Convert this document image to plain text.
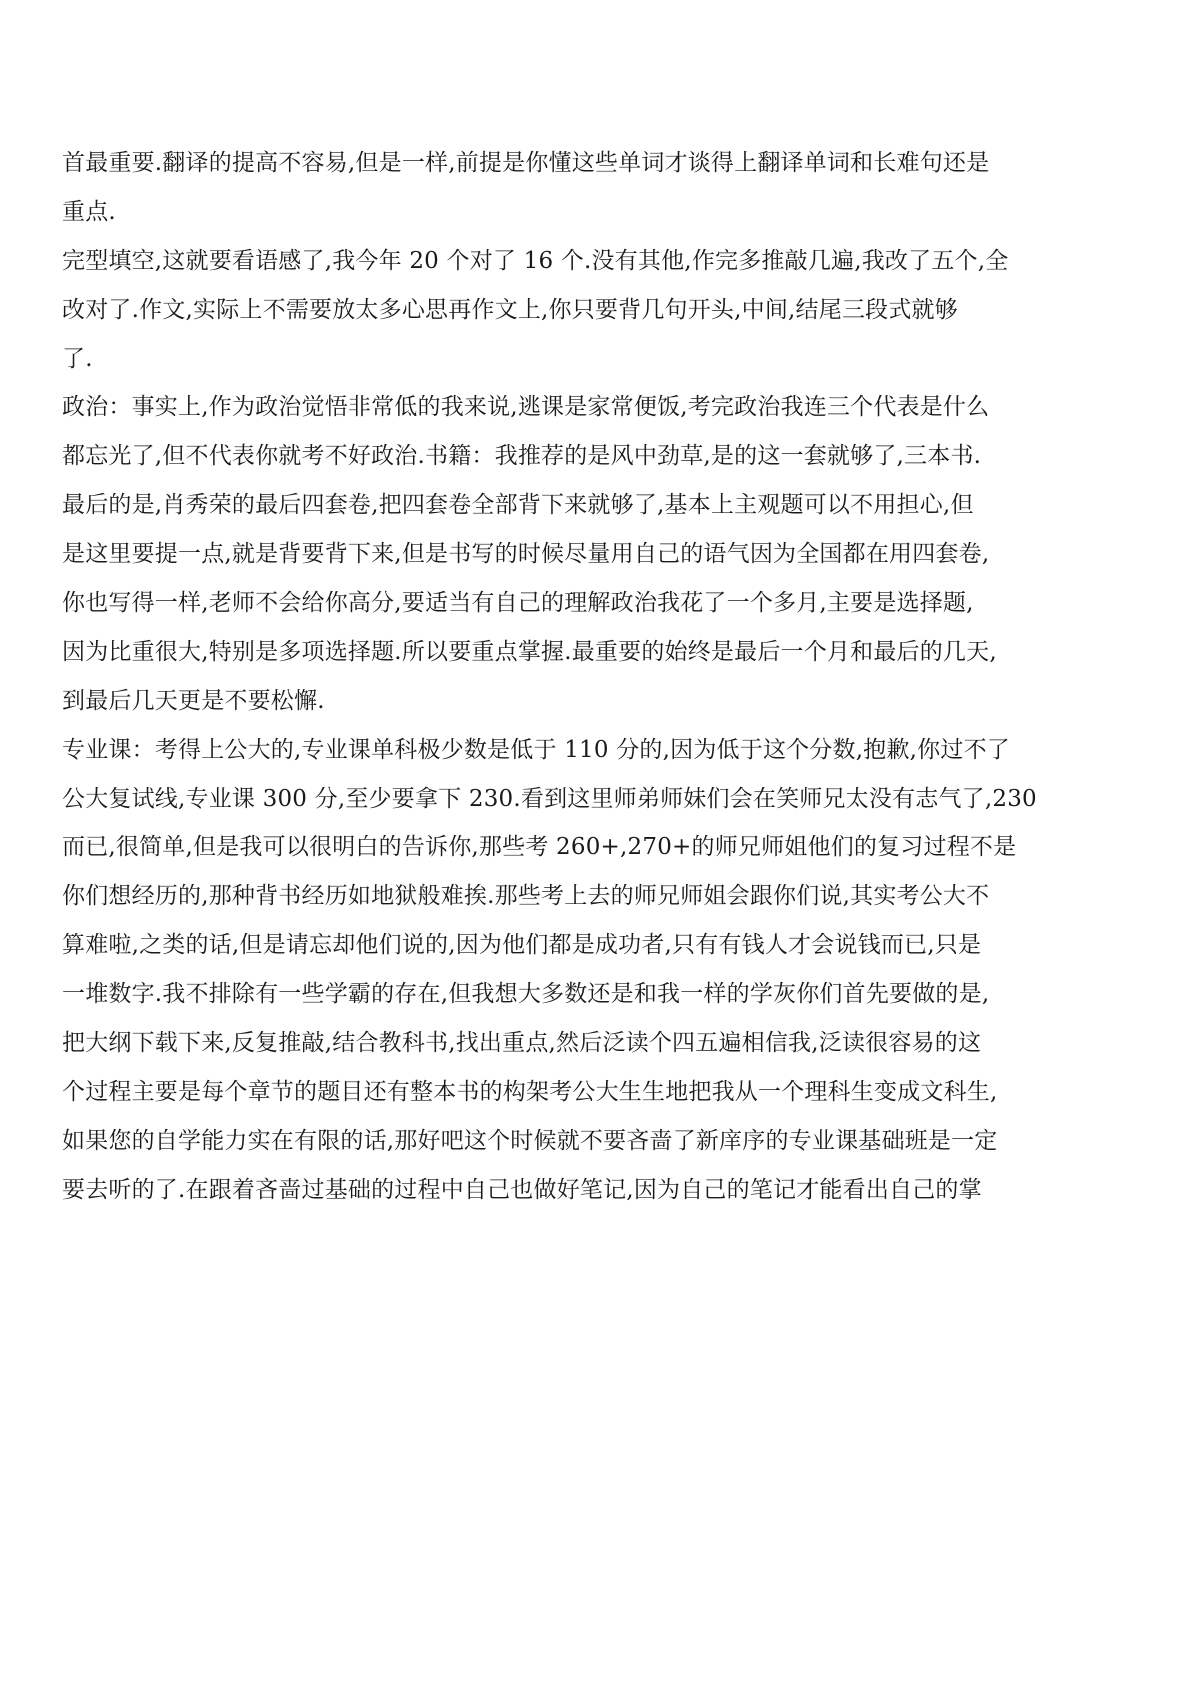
首最重要.翻译的提高不容易,但是一样,前提是你懂这些单词才谈得上翻译单词和长难句还是
重点.
完型填空,这就要看语感了,我今年 20 个对了 16 个.没有其他,作完多推敲几遍,我改了五个,全
改对了.作文,实际上不需要放太多心思再作文上,你只要背几句开头,中间,结尾三段式就够
了.
政治：事实上,作为政治觉悟非常低的我来说,逃课是家常便饭,考完政治我连三个代表是什么
都忘光了,但不代表你就考不好政治.书籍：我推荐的是风中劲草,是的这一套就够了,三本书.
最后的是,肖秀荣的最后四套卷,把四套卷全部背下来就够了,基本上主观题可以不用担心,但
是这里要提一点,就是背要背下来,但是书写的时候尽量用自己的语气因为全国都在用四套卷,
你也写得一样,老师不会给你高分,要适当有自己的理解政治我花了一个多月,主要是选择题,
因为比重很大,特别是多项选择题.所以要重点掌握.最重要的始终是最后一个月和最后的几天,
到最后几天更是不要松懈.
专业课：考得上公大的,专业课单科极少数是低于 110 分的,因为低于这个分数,抱歉,你过不了
公大复试线,专业课 300 分,至少要拿下 230.看到这里师弟师妹们会在笑师兄太没有志气了,230
而已,很简单,但是我可以很明白的告诉你,那些考 260+,270+的师兄师姐他们的复习过程不是
你们想经历的,那种背书经历如地狱般难挨.那些考上去的师兄师姐会跟你们说,其实考公大不
算难啦,之类的话,但是请忘却他们说的,因为他们都是成功者,只有有钱人才会说钱而已,只是
一堆数字.我不排除有一些学霸的存在,但我想大多数还是和我一样的学灰你们首先要做的是,
把大纲下载下来,反复推敲,结合教科书,找出重点,然后泛读个四五遍相信我,泛读很容易的这
个过程主要是每个章节的题目还有整本书的构架考公大生生地把我从一个理科生变成文科生,
如果您的自学能力实在有限的话,那好吧这个时候就不要吝啬了新庠序的专业课基础班是一定
要去听的了.在跟着吝啬过基础的过程中自己也做好笔记,因为自己的笔记才能看出自己的掌
